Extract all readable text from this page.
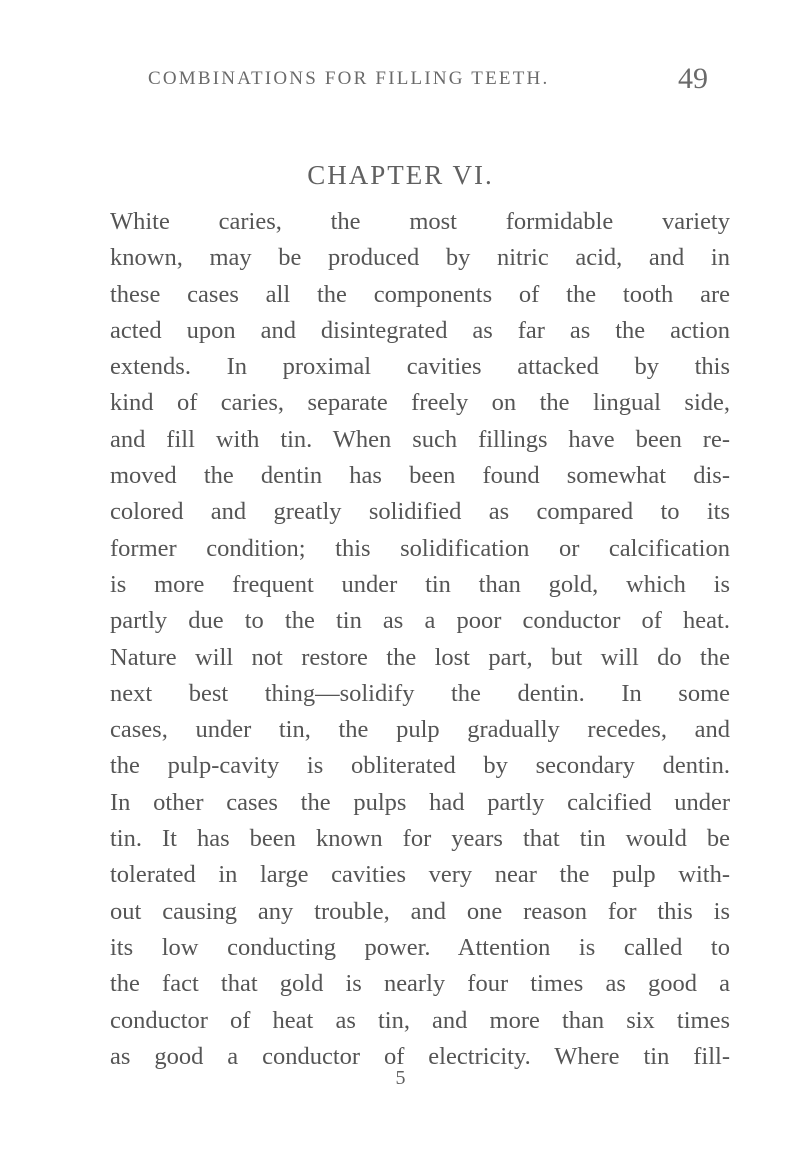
COMBINATIONS FOR FILLING TEETH.	49
CHAPTER VI.
White caries, the most formidable variety
known, may be produced by nitric acid, and in
these cases all the components of the tooth are
acted upon and disintegrated as far as the action
extends. In proximal cavities attacked by this
kind of caries, separate freely on the lingual side,
and fill with tin. When such fillings have been re-
moved the dentin has been found somewhat dis-
colored and greatly solidified as compared to its
former condition; this solidification or calcification
is more frequent under tin than gold, which is
partly due to the tin as a poor conductor of heat.
Nature will not restore the lost part, but will do the
next best thing—solidify the dentin. In some
cases, under tin, the pulp gradually recedes, and
the pulp-cavity is obliterated by secondary dentin.
In other cases the pulps had partly calcified under
tin. It has been known for years that tin would be
tolerated in large cavities very near the pulp with-
out causing any trouble, and one reason for this is
its low conducting power. Attention is called to
the fact that gold is nearly four times as good a
conductor of heat as tin, and more than six times
as good a conductor of electricity. Where tin fill-
5
